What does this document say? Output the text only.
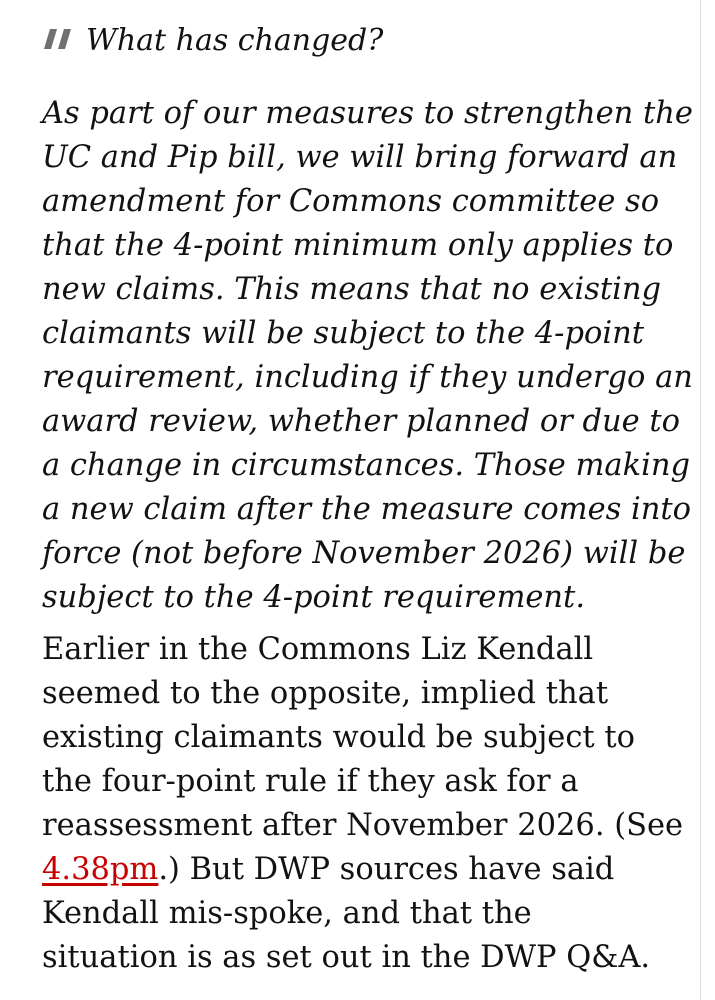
What has changed?
As part of our measures to strengthen the
UC and Pip bill, we will bring forward an
amendment for Commons committee so
that the 4-point minimum only applies to
new claims. This means that no existing
claimants will be subject to the 4-point
requirement, including if they undergo an
award review, whether planned or due to
a change in circumstances. Those making
a new claim after the measure comes into
force (not before November 2026) will be
subject to the 4-point requirement.
Earlier in the Commons Liz Kendall
seemed to the opposite, implied that
existing claimants would be subject to
the four-point rule if they ask for a
reassessment after November 2026. (See
4.38pm.) But DWP sources have said
Kendall mis-spoke, and that the
situation is as set out in the DWP Q&A.
